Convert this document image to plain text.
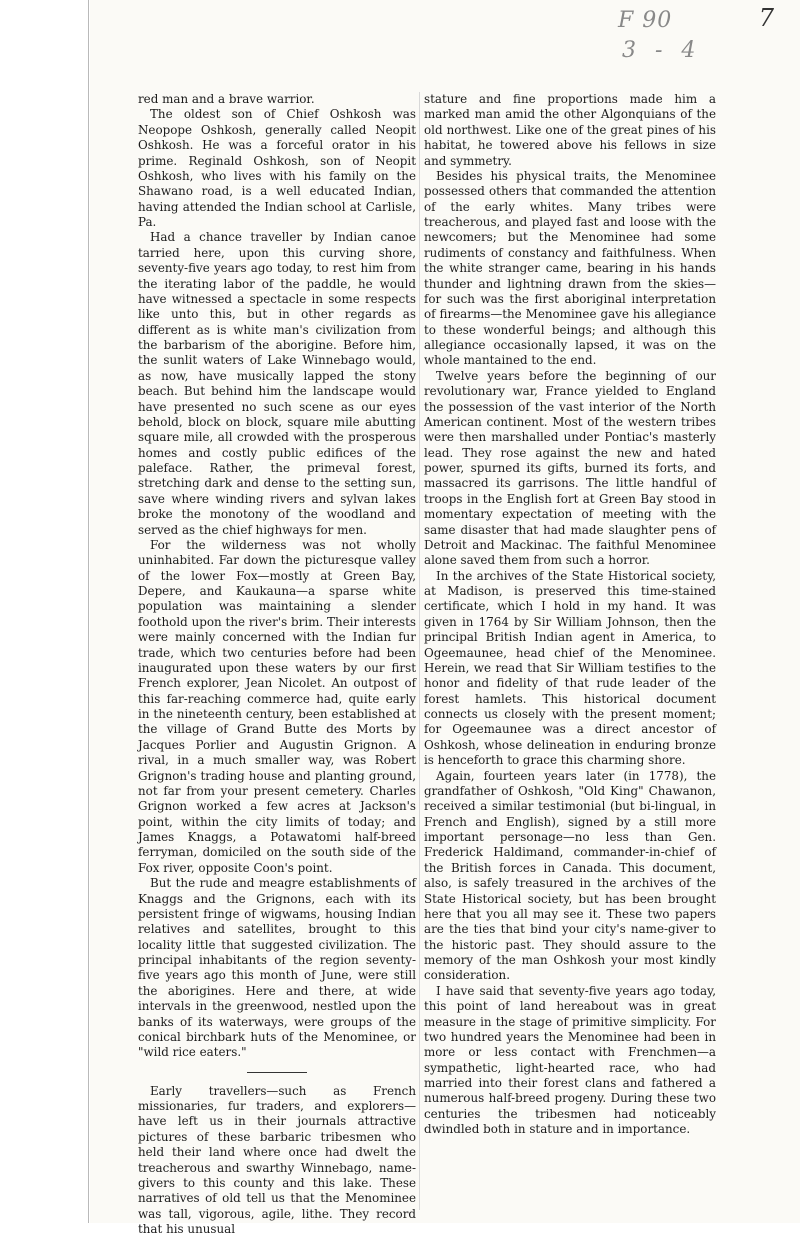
F 90
3 - 4
7

red man and a brave warrior.

The oldest son of Chief Oshkosh was Neopope Oshkosh, generally called Neopit Oshkosh. He was a forceful orator in his prime. Reginald Oshkosh, son of Neopit Oshkosh, who lives with his family on the Shawano road, is a well educated Indian, having attended the Indian school at Carlisle, Pa.

Had a chance traveller by Indian canoe tarried here, upon this curving shore, seventy-five years ago today, to rest him from the iterating labor of the paddle, he would have witnessed a spectacle in some respects like unto this, but in other regards as different as is white man's civilization from the barbarism of the aborigine. Before him, the sunlit waters of Lake Winnebago would, as now, have musically lapped the stony beach. But behind him the landscape would have presented no such scene as our eyes behold, block on block, square mile abutting square mile, all crowded with the prosperous homes and costly public edifices of the paleface. Rather, the primeval forest, stretching dark and dense to the setting sun, save where winding rivers and sylvan lakes broke the monotony of the woodland and served as the chief highways for men.

For the wilderness was not wholly uninhabited. Far down the picturesque valley of the lower Fox—mostly at Green Bay, Depere, and Kaukauna—a sparse white population was maintaining a slender foothold upon the river's brim. Their interests were mainly concerned with the Indian fur trade, which two centuries before had been inaugurated upon these waters by our first French explorer, Jean Nicolet. An outpost of this far-reaching commerce had, quite early in the nineteenth century, been established at the village of Grand Butte des Morts by Jacques Porlier and Augustin Grignon. A rival, in a much smaller way, was Robert Grignon's trading house and planting ground, not far from your present cemetery. Charles Grignon worked a few acres at Jackson's point, within the city limits of today; and James Knaggs, a Potawatomi half-breed ferryman, domiciled on the south side of the Fox river, opposite Coon's point.

But the rude and meagre establishments of Knaggs and the Grignons, each with its persistent fringe of wigwams, housing Indian relatives and satellites, brought to this locality little that suggested civilization. The principal inhabitants of the region seventy-five years ago this month of June, were still the aborigines. Here and there, at wide intervals in the greenwood, nestled upon the banks of its waterways, were groups of the conical birchbark huts of the Menominee, or "wild rice eaters."

Early travellers—such as French missionaries, fur traders, and explorers—have left us in their journals attractive pictures of these barbaric tribesmen who held their land where once had dwelt the treacherous and swarthy Winnebago, name-givers to this county and this lake. These narratives of old tell us that the Menominee was tall, vigorous, agile, lithe. They record that his unusual

stature and fine proportions made him a marked man amid the other Algonquians of the old northwest. Like one of the great pines of his habitat, he towered above his fellows in size and symmetry.

Besides his physical traits, the Menominee possessed others that commanded the attention of the early whites. Many tribes were treacherous, and played fast and loose with the newcomers; but the Menominee had some rudiments of constancy and faithfulness. When the white stranger came, bearing in his hands thunder and lightning drawn from the skies—for such was the first aboriginal interpretation of firearms—the Menominee gave his allegiance to these wonderful beings; and although this allegiance occasionally lapsed, it was on the whole mantained to the end.

Twelve years before the beginning of our revolutionary war, France yielded to England the possession of the vast interior of the North American continent. Most of the western tribes were then marshalled under Pontiac's masterly lead. They rose against the new and hated power, spurned its gifts, burned its forts, and massacred its garrisons. The little handful of troops in the English fort at Green Bay stood in momentary expectation of meeting with the same disaster that had made slaughter pens of Detroit and Mackinac. The faithful Menominee alone saved them from such a horror.

In the archives of the State Historical society, at Madison, is preserved this time-stained certificate, which I hold in my hand. It was given in 1764 by Sir William Johnson, then the principal British Indian agent in America, to Ogeemaunee, head chief of the Menominee. Herein, we read that Sir William testifies to the honor and fidelity of that rude leader of the forest hamlets. This historical document connects us closely with the present moment; for Ogeemaunee was a direct ancestor of Oshkosh, whose delineation in enduring bronze is henceforth to grace this charming shore.

Again, fourteen years later (in 1778), the grandfather of Oshkosh, "Old King" Chawanon, received a similar testimonial (but bi-lingual, in French and English), signed by a still more important personage—no less than Gen. Frederick Haldimand, commander-in-chief of the British forces in Canada. This document, also, is safely treasured in the archives of the State Historical society, but has been brought here that you all may see it. These two papers are the ties that bind your city's name-giver to the historic past. They should assure to the memory of the man Oshkosh your most kindly consideration.

I have said that seventy-five years ago today, this point of land hereabout was in great measure in the stage of primitive simplicity. For two hundred years the Menominee had been in more or less contact with Frenchmen—a sympathetic, light-hearted race, who had married into their forest clans and fathered a numerous half-breed progeny. During these two centuries the tribesmen had noticeably dwindled both in stature and in importance.
